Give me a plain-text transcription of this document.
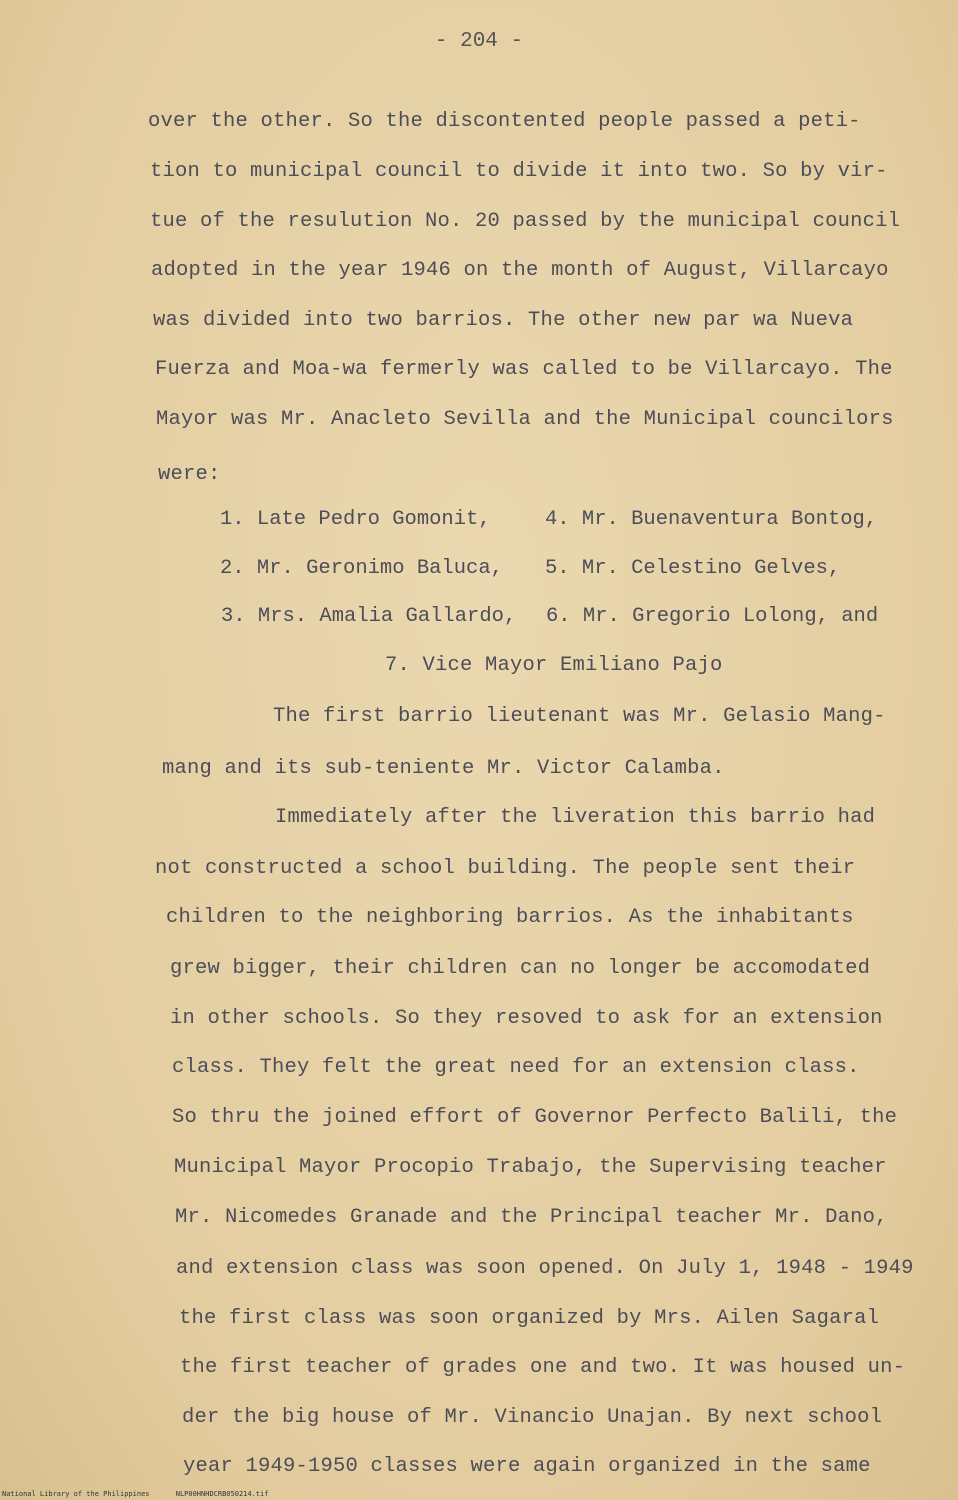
- 204 -
over the other. So the discontented people passed a peti-
tion to municipal council to divide it into two. So by vir-
tue of the resulution No. 20 passed by the municipal council
adopted in the year 1946 on the month of August, Villarcayo
was divided into two barrios. The other new par wa Nueva
Fuerza and Moa-wa fermerly was called to be Villarcayo. The
Mayor was Mr. Anacleto Sevilla and the Municipal councilors
were:
1. Late Pedro Gomonit,	4. Mr. Buenaventura Bontog,
2. Mr. Geronimo Baluca, 5. Mr. Celestino Gelves,
3. Mrs. Amalia Gallardo, 6. Mr. Gregorio Lolong, and
7. Vice Mayor Emiliano Pajo
The first barrio lieutenant was Mr. Gelasio Mang-
mang and its sub-teniente Mr. Victor Calamba.
Immediately after the liveration this barrio had
not constructed a school building. The people sent their
children to the neighboring barrios. As the inhabitants
grew bigger, their children can no longer be accomodated
in other schools. So they resoved to ask for an extension
class. They felt the great need for an extension class.
So thru the joined effort of Governor Perfecto Balili, the
Municipal Mayor Procopio Trabajo, the Supervising teacher
Mr. Nicomedes Granade and the Principal teacher Mr. Dano,
and extension class was soon opened. On July 1, 1948 - 1949
the first class was soon organized by Mrs. Ailen Sagaral
the first teacher of grades one and two. It was housed un-
der the big house of Mr. Vinancio Unajan. By next school
year 1949-1950 classes were again organized in the same
National Library of the Philippines	NLP00HNHDCRB050214.tif
